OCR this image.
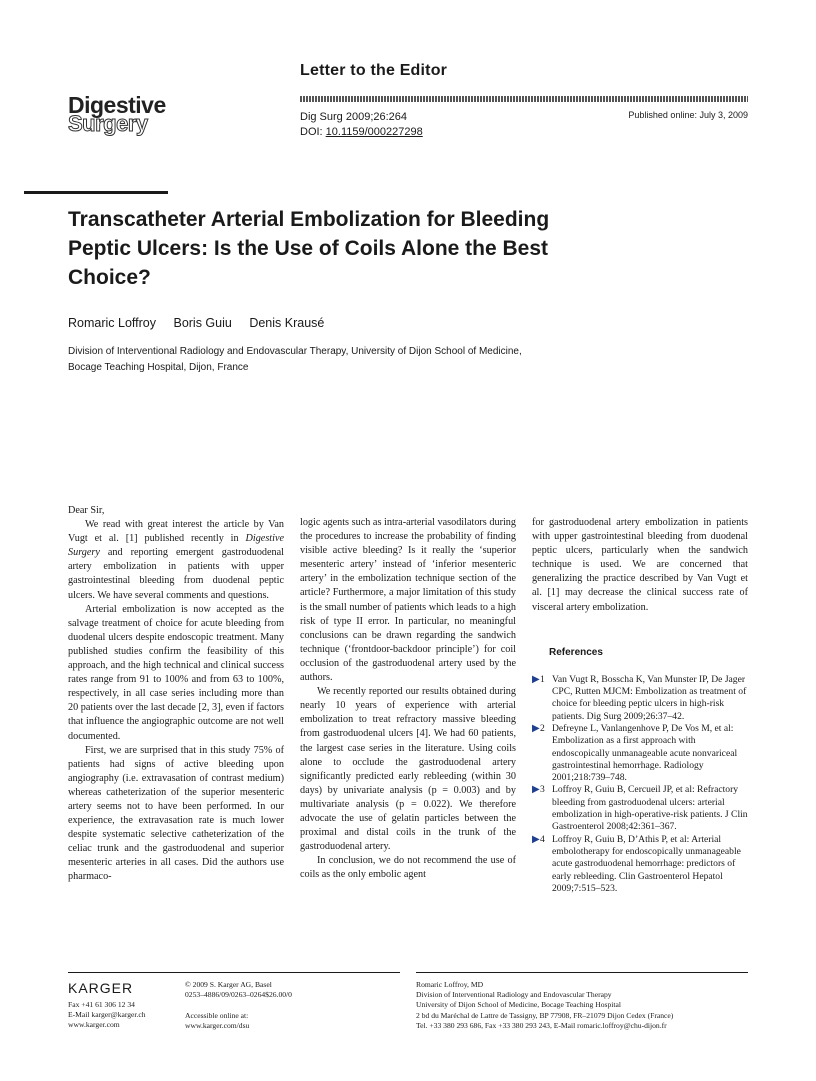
Letter to the Editor
Digestive
Surgery	Dig Surg 2009;26:264
DOI: 10.1159/000227298
Published online: July 3, 2009
Transcatheter Arterial Embolization for Bleeding Peptic Ulcers: Is the Use of Coils Alone the Best Choice?
Romaric Loffroy Boris Guiu Denis Krausé
Division of Interventional Radiology and Endovascular Therapy, University of Dijon School of Medicine,
Bocage Teaching Hospital, Dijon, France

Dear Sir,

We read with great interest the article by Van Vugt et al. [1] published recently in Digestive Surgery and reporting emergent gastroduodenal artery embolization in patients with upper gastrointestinal bleeding from duodenal peptic ulcers. We have several comments and questions.

Arterial embolization is now accepted as the salvage treatment of choice for acute bleeding from duodenal ulcers despite endoscopic treatment. Many published studies confirm the feasibility of this approach, and the high technical and clinical success rates range from 91 to 100% and from 63 to 100%, respectively, in all case series including more than 20 patients over the last decade [2, 3], even if factors that influence the angiographic outcome are not well documented.

First, we are surprised that in this study 75% of patients had signs of active bleeding upon angiography (i.e. extravasation of contrast medium) whereas catheterization of the superior mesenteric artery seems not to have been performed. In our experience, the extravasation rate is much lower despite systematic selective catheterization of the celiac trunk and the gastroduodenal and superior mesenteric arteries in all cases. Did the authors use pharmaco-

logic agents such as intra-arterial vasodilators during the procedures to increase the probability of finding visible active bleeding? Is it really the ‘superior mesenteric artery’ instead of ‘inferior mesenteric artery’ in the embolization technique section of the article? Furthermore, a major limitation of this study is the small number of patients which leads to a high risk of type II error. In particular, no meaningful conclusions can be drawn regarding the sandwich technique (‘frontdoor-backdoor principle’) for coil occlusion of the gastroduodenal artery used by the authors.

We recently reported our results obtained during nearly 10 years of experience with arterial embolization to treat refractory massive bleeding from gastroduodenal ulcers [4]. We had 60 patients, the largest case series in the literature. Using coils alone to occlude the gastroduodenal artery significantly predicted early rebleeding (within 30 days) by univariate analysis (p = 0.003) and by multivariate analysis (p = 0.022). We therefore advocate the use of gelatin particles between the proximal and distal coils in the trunk of the gastroduodenal artery.

In conclusion, we do not recommend the use of coils as the only embolic agent

for gastroduodenal artery embolization in patients with upper gastrointestinal bleeding from duodenal peptic ulcers, particularly when the sandwich technique is used. We are concerned that generalizing the practice described by Van Vugt et al. [1] may decrease the clinical success rate of visceral artery embolization.

References
▶ 1 Van Vugt R, Bosscha K, Van Munster IP, De Jager CPC, Rutten MJCM: Embolization as treatment of choice for bleeding peptic ulcers in high-risk patients. Dig Surg 2009;26:37–42.
▶ 2 Defreyne L, Vanlangenhove P, De Vos M, et al: Embolization as a first approach with endoscopically unmanageable acute nonvariceal gastrointestinal hemorrhage. Radiology 2001;218:739–748.
▶ 3 Loffroy R, Guiu B, Cercueil JP, et al: Refractory bleeding from gastroduodenal ulcers: arterial embolization in high-operative-risk patients. J Clin Gastroenterol 2008;42:361–367.
▶ 4 Loffroy R, Guiu B, D’Athis P, et al: Arterial embolotherapy for endoscopically unmanageable acute gastroduodenal hemorrhage: predictors of early rebleeding. Clin Gastroenterol Hepatol 2009;7:515–523.
KARGER
Fax +41 61 306 12 34
E-Mail karger@karger.ch
www.karger.com
© 2009 S. Karger AG, Basel
0253–4886/09/0263–0264$26.00/0
Accessible online at:
www.karger.com/dsu
Romaric Loffroy, MD
Division of Interventional Radiology and Endovascular Therapy
University of Dijon School of Medicine, Bocage Teaching Hospital
2 bd du Maréchal de Lattre de Tassigny, BP 77908, FR–21079 Dijon Cedex (France)
Tel. +33 380 293 686, Fax +33 380 293 243, E-Mail romaric.loffroy@chu-dijon.fr
